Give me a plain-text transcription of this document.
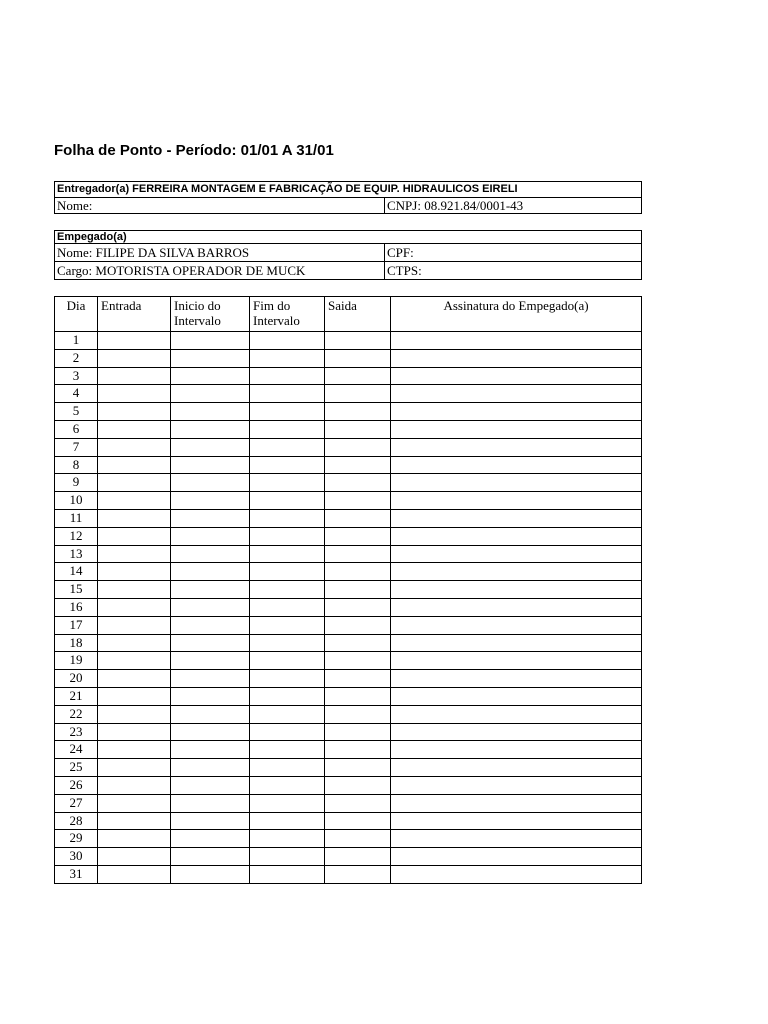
Folha de Ponto - Período: 01/01 A 31/01
Entregador(a) FERREIRA MONTAGEM E FABRICAÇÃO DE EQUIP. HIDRAULICOS EIRELI
Nome:	CNPJ: 08.921.84/0001-43
Empegado(a)	
Nome: FILIPE DA SILVA BARROS	CPF:
Cargo: MOTORISTA OPERADOR DE MUCK	CTPS:
Dia	Entrada	Inicio do Intervalo	Fim do Intervalo	Saida	Assinatura do Empegado(a)
1					
2					
3					
4					
5					
6					
7					
8					
9					
10					
11					
12					
13					
14					
15					
16					
17					
18					
19					
20					
21					
22					
23					
24					
25					
26					
27					
28					
29					
30					
31					
